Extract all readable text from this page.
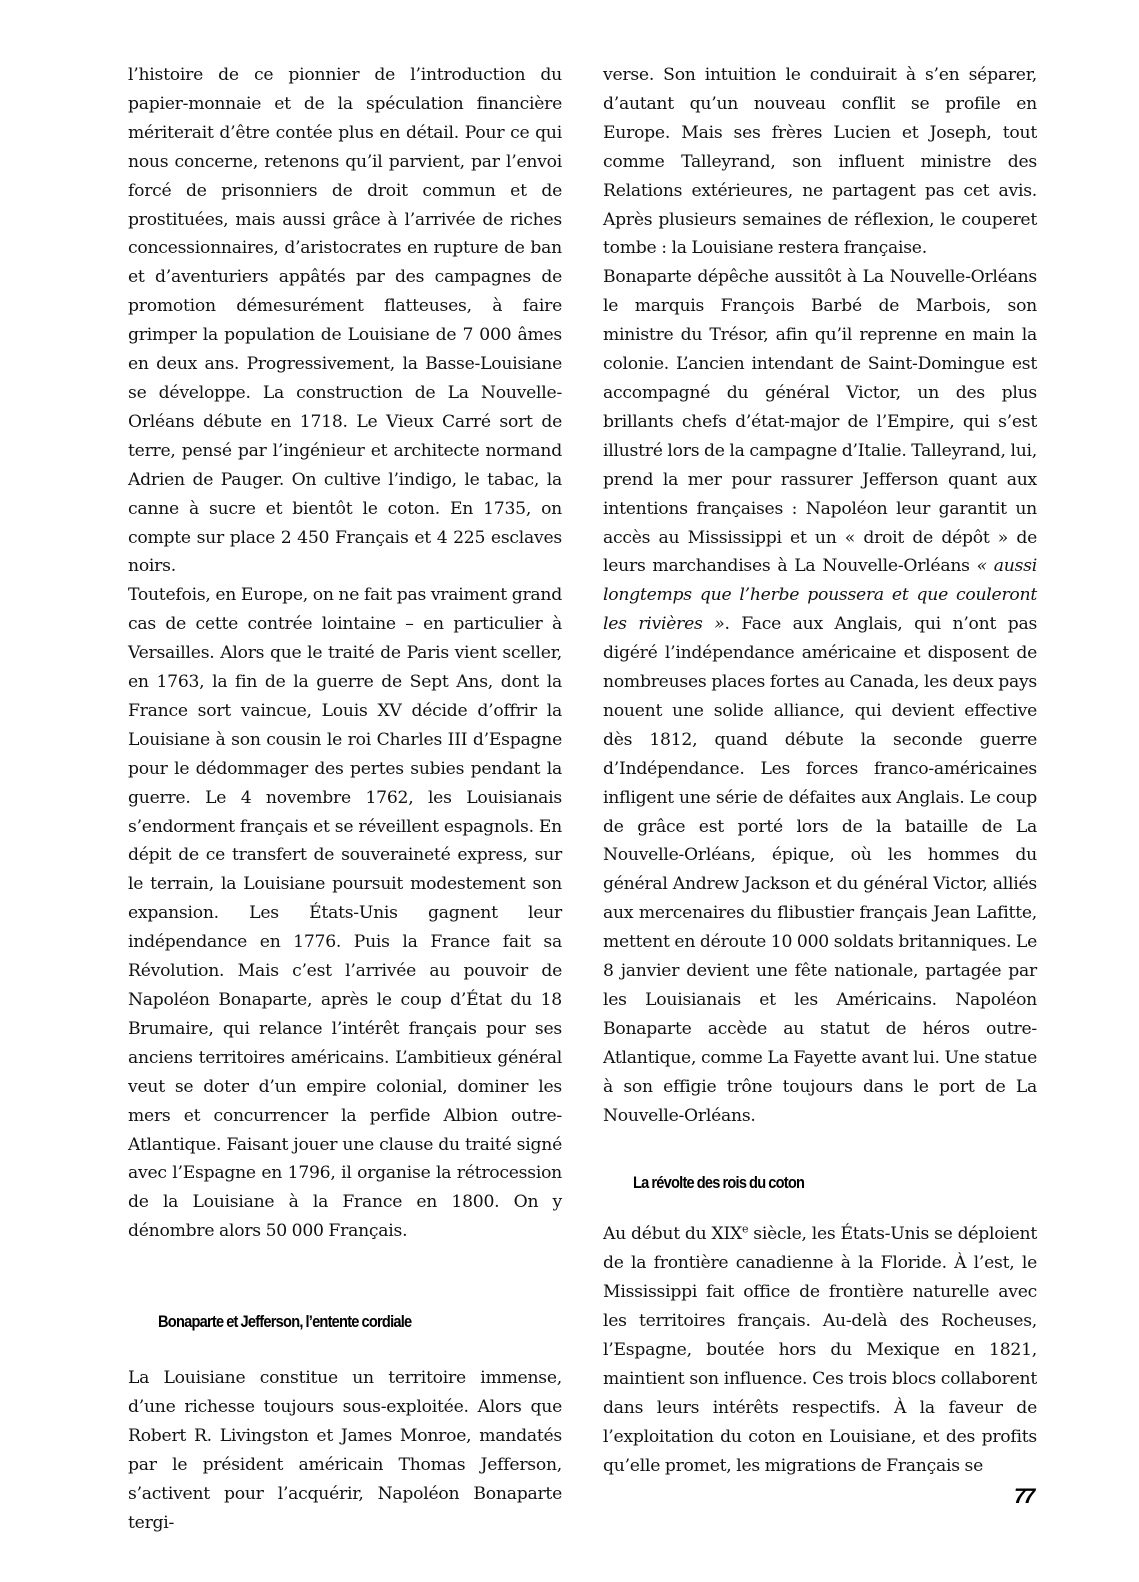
l’histoire de ce pionnier de l’introduction du papier-monnaie et de la spéculation financière mériterait d’être contée plus en détail. Pour ce qui nous concerne, retenons qu’il parvient, par l’envoi forcé de prisonniers de droit commun et de prostituées, mais aussi grâce à l’arrivée de riches concessionnaires, d’aristocrates en rupture de ban et d’aventuriers appâtés par des campagnes de promotion démesurément flatteuses, à faire grimper la population de Louisiane de 7 000 âmes en deux ans. Progressivement, la Basse-Louisiane se développe. La construction de La Nouvelle-Orléans débute en 1718. Le Vieux Carré sort de terre, pensé par l’ingénieur et architecte normand Adrien de Pauger. On cultive l’indigo, le tabac, la canne à sucre et bientôt le coton. En 1735, on compte sur place 2 450 Français et 4 225 esclaves noirs.

Toutefois, en Europe, on ne fait pas vraiment grand cas de cette contrée lointaine – en particulier à Versailles. Alors que le traité de Paris vient sceller, en 1763, la fin de la guerre de Sept Ans, dont la France sort vaincue, Louis XV décide d’offrir la Louisiane à son cousin le roi Charles III d’Espagne pour le dédommager des pertes subies pendant la guerre. Le 4 novembre 1762, les Louisianais s’endorment français et se réveillent espagnols. En dépit de ce transfert de souveraineté express, sur le terrain, la Louisiane poursuit modestement son expansion. Les États-Unis gagnent leur indépendance en 1776. Puis la France fait sa Révolution. Mais c’est l’arrivée au pouvoir de Napoléon Bonaparte, après le coup d’État du 18 Brumaire, qui relance l’intérêt français pour ses anciens territoires américains. L’ambitieux général veut se doter d’un empire colonial, dominer les mers et concurrencer la perfide Albion outre-Atlantique. Faisant jouer une clause du traité signé avec l’Espagne en 1796, il organise la rétrocession de la Louisiane à la France en 1800. On y dénombre alors 50 000 Français.

Bonaparte et Jefferson, l’entente cordiale

La Louisiane constitue un territoire immense, d’une richesse toujours sous-exploitée. Alors que Robert R. Livingston et James Monroe, mandatés par le président américain Thomas Jefferson, s’activent pour l’acquérir, Napoléon Bonaparte tergi-

verse. Son intuition le conduirait à s’en séparer, d’autant qu’un nouveau conflit se profile en Europe. Mais ses frères Lucien et Joseph, tout comme Talleyrand, son influent ministre des Relations extérieures, ne partagent pas cet avis. Après plusieurs semaines de réflexion, le couperet tombe : la Louisiane restera française.

Bonaparte dépêche aussitôt à La Nouvelle-Orléans le marquis François Barbé de Marbois, son ministre du Trésor, afin qu’il reprenne en main la colonie. L’ancien intendant de Saint-Domingue est accompagné du général Victor, un des plus brillants chefs d’état-major de l’Empire, qui s’est illustré lors de la campagne d’Italie. Talleyrand, lui, prend la mer pour rassurer Jefferson quant aux intentions françaises : Napoléon leur garantit un accès au Mississippi et un « droit de dépôt » de leurs marchandises à La Nouvelle-Orléans « aussi longtemps que l’herbe poussera et que couleront les rivières ». Face aux Anglais, qui n’ont pas digéré l’indépendance américaine et disposent de nombreuses places fortes au Canada, les deux pays nouent une solide alliance, qui devient effective dès 1812, quand débute la seconde guerre d’Indépendance. Les forces franco-américaines infligent une série de défaites aux Anglais. Le coup de grâce est porté lors de la bataille de La Nouvelle-Orléans, épique, où les hommes du général Andrew Jackson et du général Victor, alliés aux mercenaires du flibustier français Jean Lafitte, mettent en déroute 10 000 soldats britanniques. Le 8 janvier devient une fête nationale, partagée par les Louisianais et les Américains. Napoléon Bonaparte accède au statut de héros outre-Atlantique, comme La Fayette avant lui. Une statue à son effigie trône toujours dans le port de La Nouvelle-Orléans.

La révolte des rois du coton

Au début du XIXe siècle, les États-Unis se déploient de la frontière canadienne à la Floride. À l’est, le Mississippi fait office de frontière naturelle avec les territoires français. Au-delà des Rocheuses, l’Espagne, boutée hors du Mexique en 1821, maintient son influence. Ces trois blocs collaborent dans leurs intérêts respectifs. À la faveur de l’exploitation du coton en Louisiane, et des profits qu’elle promet, les migrations de Français se

77
